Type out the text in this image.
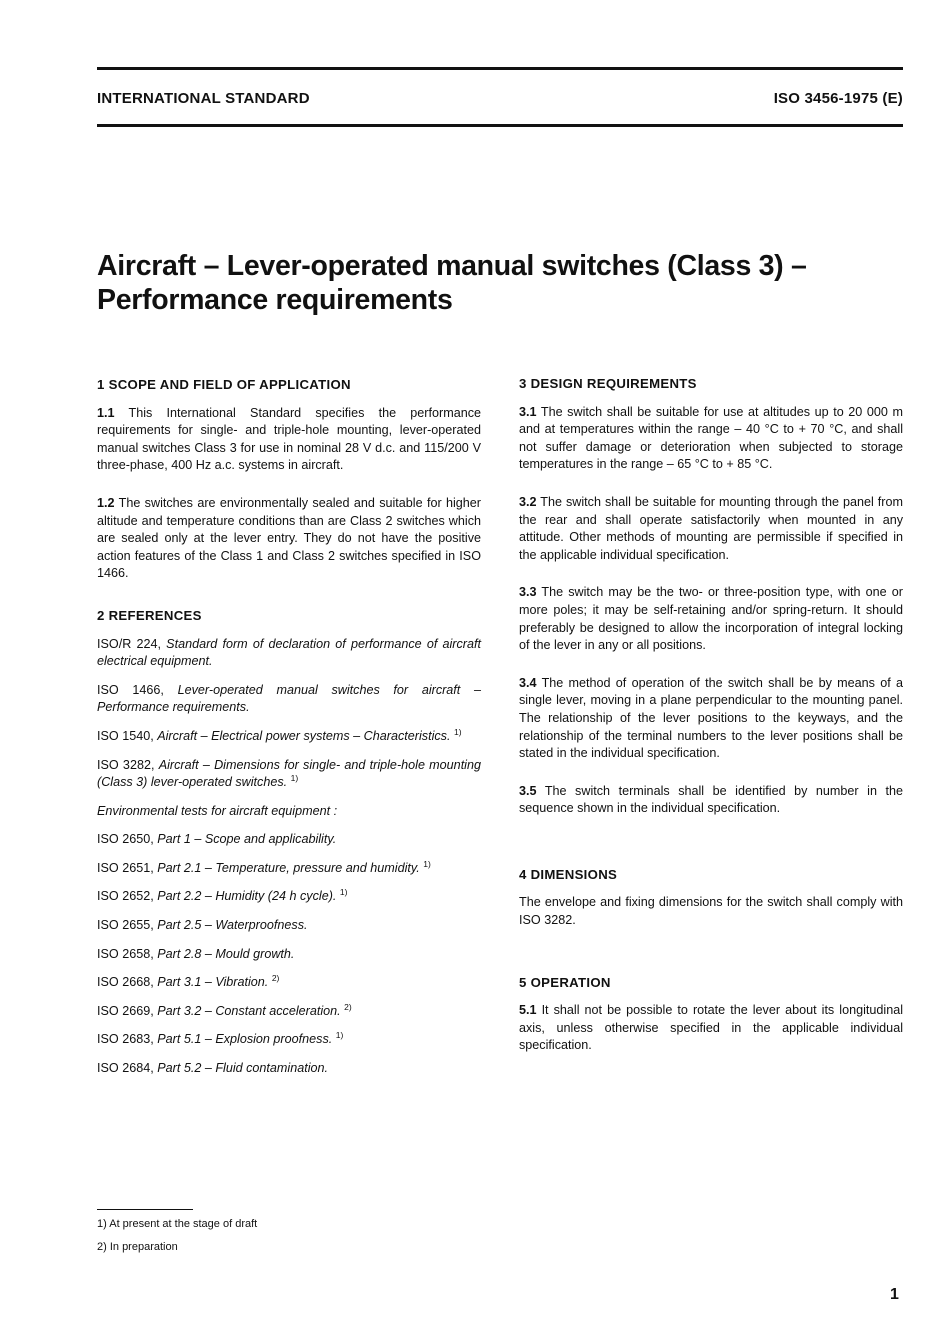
INTERNATIONAL STANDARD	ISO 3456-1975 (E)
Aircraft – Lever-operated manual switches (Class 3) –
Performance requirements

1 SCOPE AND FIELD OF APPLICATION

1.1 This International Standard specifies the performance requirements for single- and triple-hole mounting, lever-operated manual switches Class 3 for use in nominal 28 V d.c. and 115/200 V three-phase, 400 Hz a.c. systems in aircraft.

1.2 The switches are environmentally sealed and suitable for higher altitude and temperature conditions than are Class 2 switches which are sealed only at the lever entry. They do not have the positive action features of the Class 1 and Class 2 switches specified in ISO 1466.

2 REFERENCES

ISO/R 224, Standard form of declaration of performance of aircraft electrical equipment.

ISO 1466, Lever-operated manual switches for aircraft – Performance requirements.

ISO 1540, Aircraft – Electrical power systems – Characteristics. $^{1)}$

ISO 3282, Aircraft – Dimensions for single- and triple-hole mounting (Class 3) lever-operated switches. $^{1)}$

Environmental tests for aircraft equipment :

ISO 2650, Part 1 – Scope and applicability.

ISO 2651, Part 2.1 – Temperature, pressure and humidity. $^{1)}$

ISO 2652, Part 2.2 – Humidity (24 h cycle). $^{1)}$

ISO 2655, Part 2.5 – Waterproofness.

ISO 2658, Part 2.8 – Mould growth.

ISO 2668, Part 3.1 – Vibration. $^{2)}$

ISO 2669, Part 3.2 – Constant acceleration. $^{2)}$

ISO 2683, Part 5.1 – Explosion proofness. $^{1)}$

ISO 2684, Part 5.2 – Fluid contamination.

3 DESIGN REQUIREMENTS

3.1 The switch shall be suitable for use at altitudes up to 20 000 m and at temperatures within the range – 40 °C to + 70 °C, and shall not suffer damage or deterioration when subjected to storage temperatures in the range – 65 °C to + 85 °C.

3.2 The switch shall be suitable for mounting through the panel from the rear and shall operate satisfactorily when mounted in any attitude. Other methods of mounting are permissible if specified in the applicable individual specification.

3.3 The switch may be the two- or three-position type, with one or more poles; it may be self-retaining and/or spring-return. It should preferably be designed to allow the incorporation of integral locking of the lever in any or all positions.

3.4 The method of operation of the switch shall be by means of a single lever, moving in a plane perpendicular to the mounting panel. The relationship of the lever positions to the keyways, and the relationship of the terminal numbers to the lever positions shall be stated in the individual specification.

3.5 The switch terminals shall be identified by number in the sequence shown in the individual specification.

4 DIMENSIONS

The envelope and fixing dimensions for the switch shall comply with ISO 3282.

5 OPERATION

5.1 It shall not be possible to rotate the lever about its longitudinal axis, unless otherwise specified in the applicable individual specification.

1) At present at the stage of draft
2) In preparation
1
